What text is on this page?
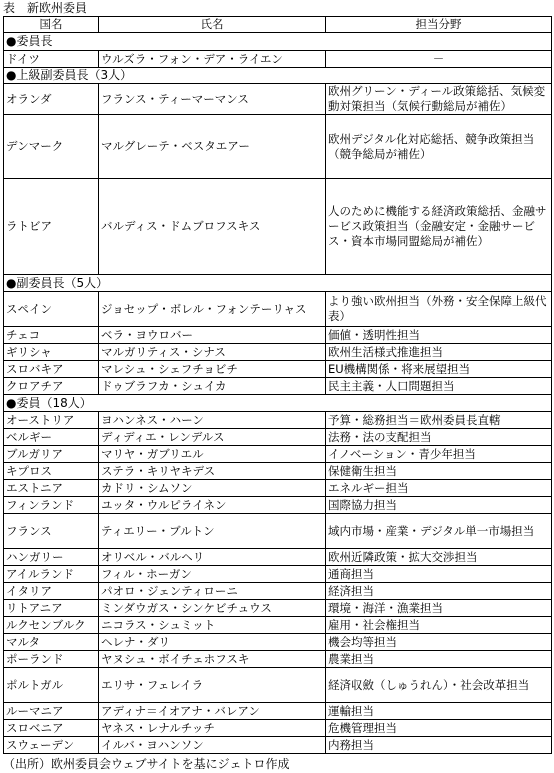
表　新欧州委員
国名	氏名	担当分野
●委員長		
ドイツ	ウルズラ・フォン・デア・ライエン	－
●上級副委員長（3人）		
オランダ	フランス・ティーマーマンス	欧州グリーン・ディール政策総括、気候変動対策担当（気候行動総局が補佐）
デンマーク	マルグレーテ・ベスタエアー	欧州デジタル化対応総括、競争政策担当（競争総局が補佐）
ラトビア	バルディス・ドムブロフスキス	人のために機能する経済政策総括、金融サービス政策担当（金融安定・金融サービス・資本市場同盟総局が補佐）
●副委員長（5人）		
スペイン	ジョセップ・ボレル・フォンテーリャス	より強い欧州担当（外務・安全保障上級代表）
チェコ	ベラ・ヨウロバー	価値・透明性担当
ギリシャ	マルガリティス・シナス	欧州生活様式推進担当
スロバキア	マレシュ・シェフチョビチ	EU機構関係・将来展望担当
クロアチア	ドゥブラフカ・シュイカ	民主主義・人口問題担当
●委員（18人）		
オーストリア	ヨハンネス・ハーン	予算・総務担当＝欧州委員長直轄
ベルギー	ディディエ・レンデルス	法務・法の支配担当
ブルガリア	マリヤ・ガブリエル	イノベーション・青少年担当
キプロス	ステラ・キリヤキデス	保健衛生担当
エストニア	カドリ・シムソン	エネルギー担当
フィンランド	ユッタ・ウルピライネン	国際協力担当
フランス	ティエリー・ブルトン	域内市場・産業・デジタル単一市場担当
ハンガリー	オリベル・バルヘリ	欧州近隣政策・拡大交渉担当
アイルランド	フィル・ホーガン	通商担当
イタリア	パオロ・ジェンティローニ	経済担当
リトアニア	ミンダウガス・シンケビチュウス	環境・海洋・漁業担当
ルクセンブルク	ニコラス・シュミット	雇用・社会権担当
マルタ	ヘレナ・ダリ	機会均等担当
ポーランド	ヤヌシュ・ボイチェホフスキ	農業担当
ポルトガル	エリサ・フェレイラ	経済収斂（しゅうれん）・社会改革担当
ルーマニア	アディナ＝イオアナ・バレアン	運輸担当
スロベニア	ヤネス・レナルチッチ	危機管理担当
スウェーデン	イルバ・ヨハンソン	内務担当
（出所）欧州委員会ウェブサイトを基にジェトロ作成
